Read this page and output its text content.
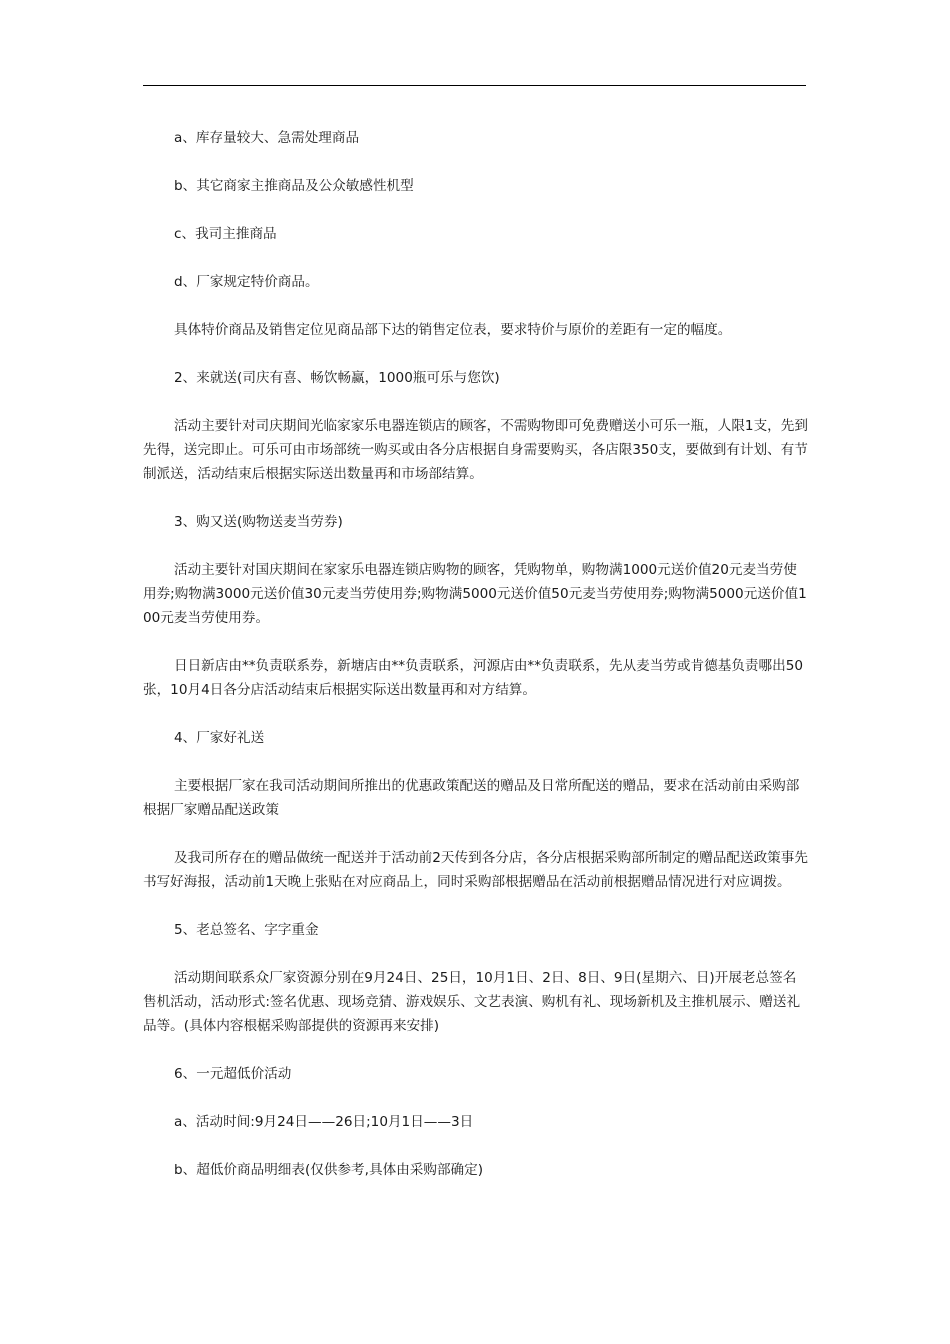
a、库存量较大、急需处理商品

b、其它商家主推商品及公众敏感性机型

c、我司主推商品

d、厂家规定特价商品。

具体特价商品及销售定位见商品部下达的销售定位表，要求特价与原价的差距有一定的幅度。

2、来就送(司庆有喜、畅饮畅赢，1000瓶可乐与您饮)

活动主要针对司庆期间光临家家乐电器连锁店的顾客，不需购物即可免费赠送小可乐一瓶，人限1支，先到先得，送完即止。可乐可由市场部统一购买或由各分店根据自身需要购买，各店限350支，要做到有计划、有节制派送，活动结束后根据实际送出数量再和市场部结算。

3、购又送(购物送麦当劳券)

活动主要针对国庆期间在家家乐电器连锁店购物的顾客，凭购物单，购物满1000元送价值20元麦当劳使用券;购物满3000元送价值30元麦当劳使用券;购物满5000元送价值50元麦当劳使用券;购物满5000元送价值100元麦当劳使用券。

日日新店由**负责联系券，新塘店由**负责联系，河源店由**负责联系，先从麦当劳或肯德基负责哪出50张，10月4日各分店活动结束后根据实际送出数量再和对方结算。

4、厂家好礼送

主要根据厂家在我司活动期间所推出的优惠政策配送的赠品及日常所配送的赠品，要求在活动前由采购部根据厂家赠品配送政策

及我司所存在的赠品做统一配送并于活动前2天传到各分店，各分店根据采购部所制定的赠品配送政策事先书写好海报，活动前1天晚上张贴在对应商品上，同时采购部根据赠品在活动前根据赠品情况进行对应调拨。

5、老总签名、字字重金

活动期间联系众厂家资源分别在9月24日、25日，10月1日、2日、8日、9日(星期六、日)开展老总签名售机活动，活动形式:签名优惠、现场竞猜、游戏娱乐、文艺表演、购机有礼、现场新机及主推机展示、赠送礼品等。(具体内容根椐采购部提供的资源再来安排)

6、一元超低价活动

a、活动时间:9月24日——26日;10月1日——3日

b、超低价商品明细表(仅供参考,具体由采购部确定)
